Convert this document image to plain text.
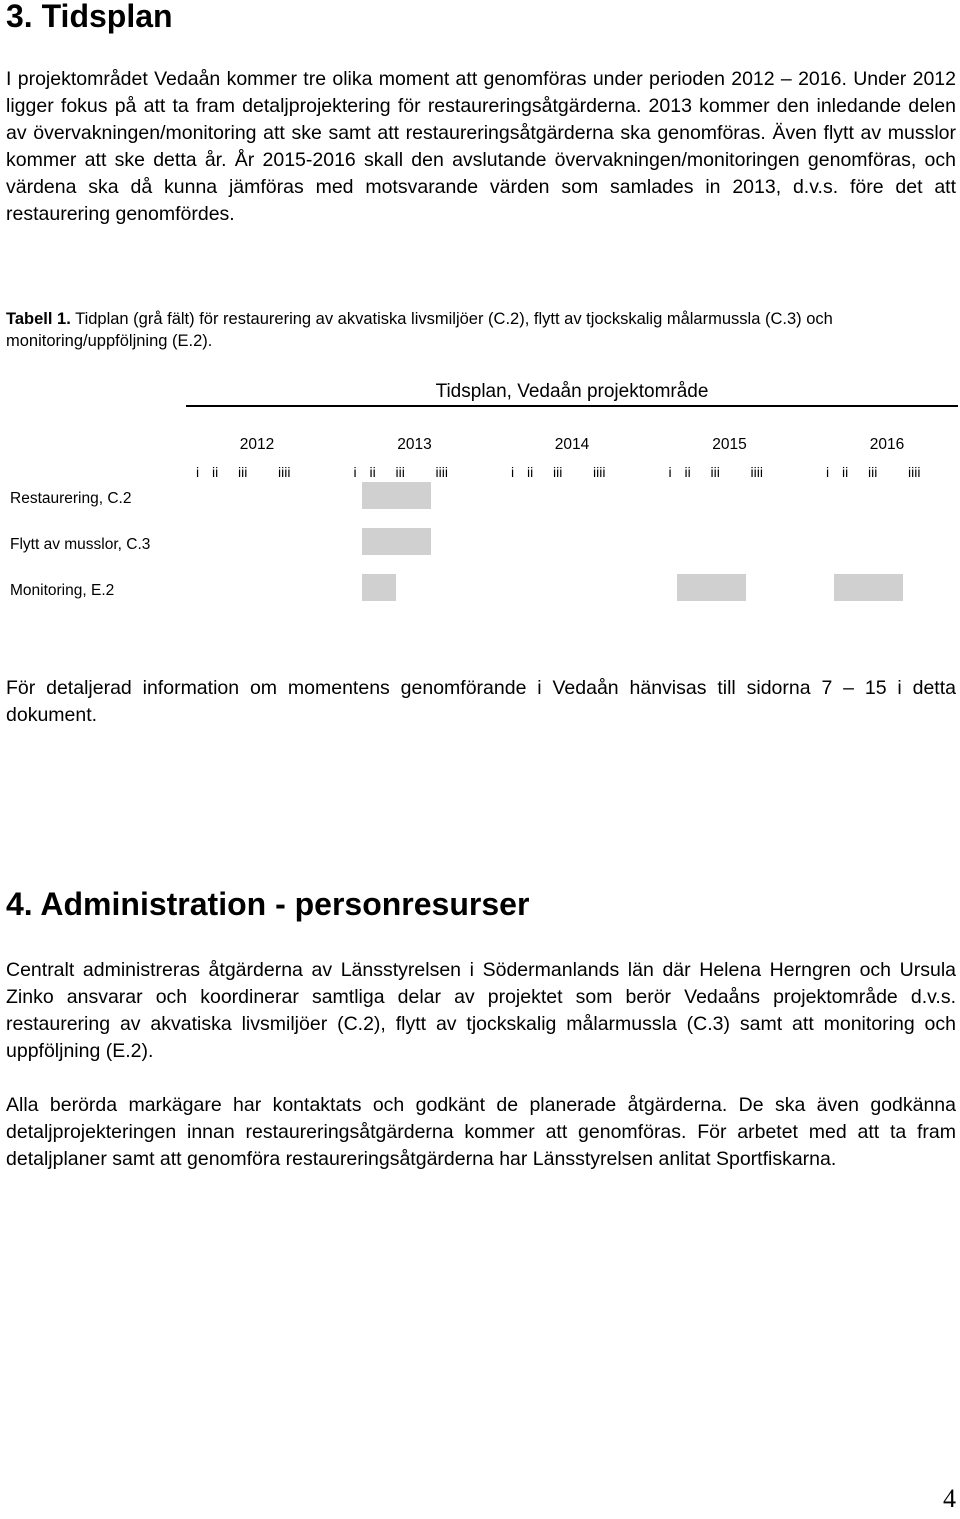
3. Tidsplan

I projektområdet Vedaån kommer tre olika moment att genomföras under perioden 2012 – 2016. Under 2012 ligger fokus på att ta fram detaljprojektering för restaureringsåtgärderna. 2013 kommer den inledande delen av övervakningen/monitoring att ske samt att restaureringsåtgärderna ska genomföras. Även flytt av musslor kommer att ske detta år. År 2015-2016 skall den avslutande övervakningen/monitoringen genomföras, och värdena ska då kunna jämföras med motsvarande värden som samlades in 2013, d.v.s. före det att restaurering genomfördes.

Tabell 1. Tidplan (grå fält) för restaurering av akvatiska livsmiljöer (C.2), flytt av tjockskalig målarmussla (C.3) och monitoring/uppföljning (E.2).

Tidsplan, Vedaån projektområde
2012
i ii iii iiii
2013
i ii iii iiii
2014
i ii iii iiii
2015
i ii iii iiii
2016
i ii iii iiii
Restaurering, C.2
Flytt av musslor, C.3
Monitoring, E.2

För detaljerad information om momentens genomförande i Vedaån hänvisas till sidorna 7 – 15 i detta dokument.

4. Administration - personresurser

Centralt administreras åtgärderna av Länsstyrelsen i Södermanlands län där Helena Herngren och Ursula Zinko ansvarar och koordinerar samtliga delar av projektet som berör Vedaåns projektområde d.v.s. restaurering av akvatiska livsmiljöer (C.2), flytt av tjockskalig målarmussla (C.3) samt att monitoring och uppföljning (E.2).

Alla berörda markägare har kontaktats och godkänt de planerade åtgärderna. De ska även godkänna detaljprojekteringen innan restaureringsåtgärderna kommer att genomföras. För arbetet med att ta fram detaljplaner samt att genomföra restaureringsåtgärderna har Länsstyrelsen anlitat Sportfiskarna.

4
